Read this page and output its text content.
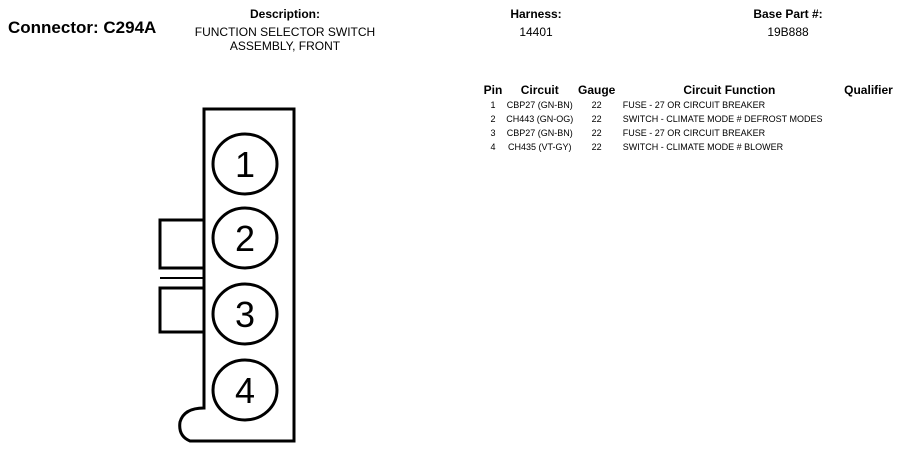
Connector: C294A
Description:
FUNCTION SELECTOR SWITCH
ASSEMBLY, FRONT
Harness:
14401
Base Part #:
19B888
Pin	Circuit	Gauge	Circuit Function	Qualifier
1	CBP27 (GN-BN)	22	FUSE - 27 OR CIRCUIT BREAKER	
2	CH443 (GN-OG)	22	SWITCH - CLIMATE MODE # DEFROST MODES	
3	CBP27 (GN-BN)	22	FUSE - 27 OR CIRCUIT BREAKER	
4	CH435 (VT-GY)	22	SWITCH - CLIMATE MODE # BLOWER	
1
2
3
4
